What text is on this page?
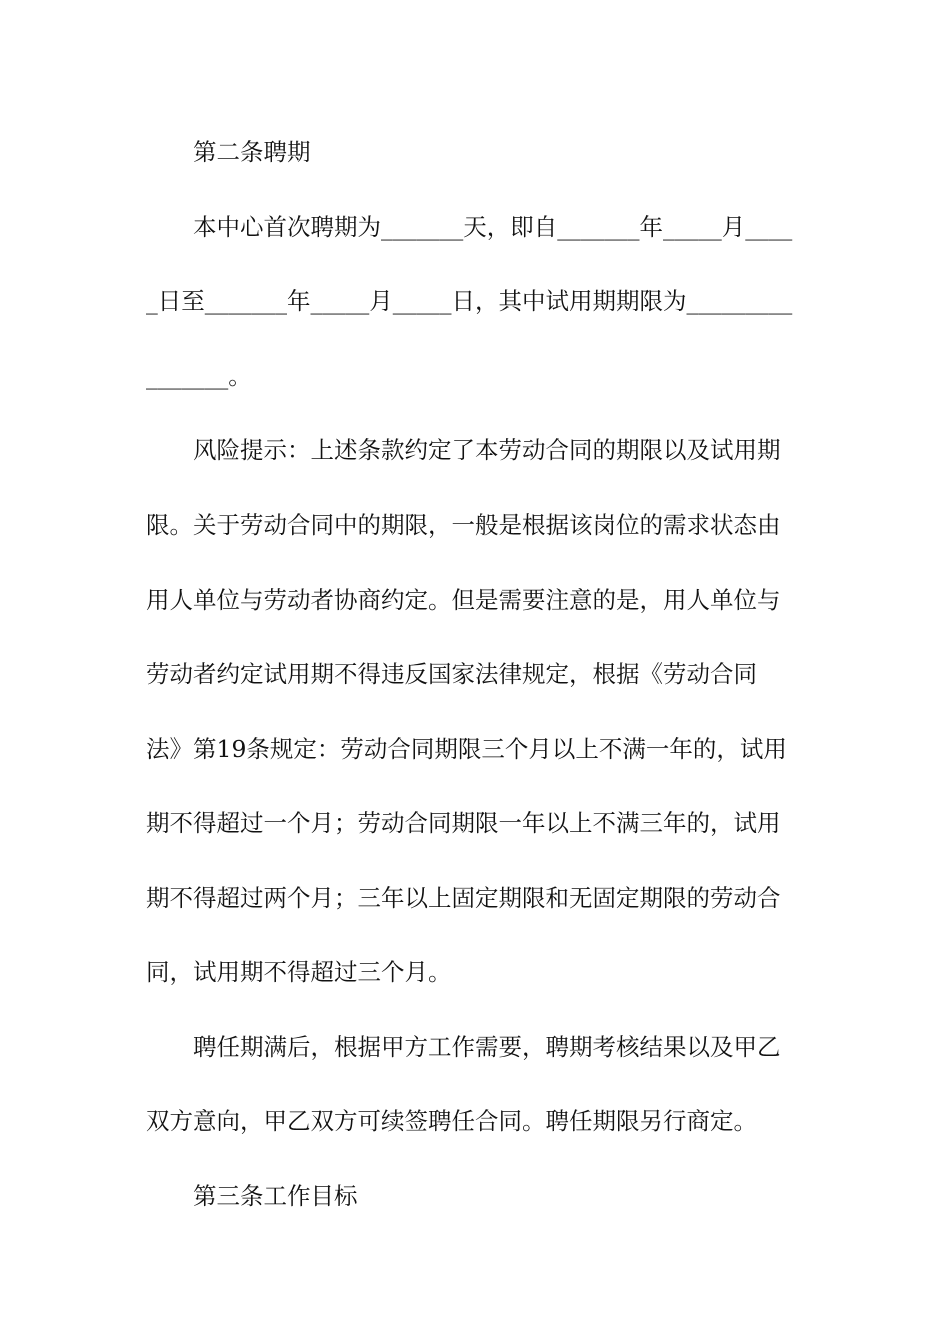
第二条聘期
本中心首次聘期为_______天，即自_______年_____月____
_日至_______年_____月_____日，其中试用期期限为_________
_______。
风险提示：上述条款约定了本劳动合同的期限以及试用期
限。关于劳动合同中的期限，一般是根据该岗位的需求状态由
用人单位与劳动者协商约定。但是需要注意的是，用人单位与
劳动者约定试用期不得违反国家法律规定，根据《劳动合同
法》第19条规定：劳动合同期限三个月以上不满一年的，试用
期不得超过一个月；劳动合同期限一年以上不满三年的，试用
期不得超过两个月；三年以上固定期限和无固定期限的劳动合
同，试用期不得超过三个月。
聘任期满后，根据甲方工作需要，聘期考核结果以及甲乙
双方意向，甲乙双方可续签聘任合同。聘任期限另行商定。
第三条工作目标
